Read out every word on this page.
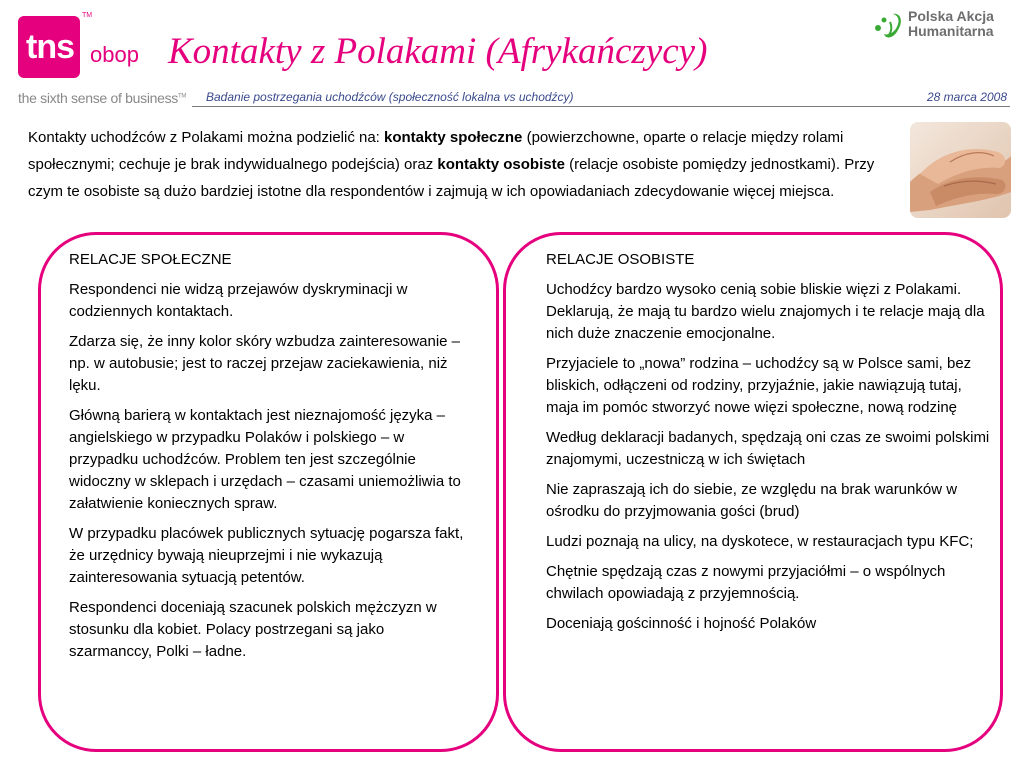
tns
TM
obop
the sixth sense of business™
Kontakty z Polakami (Afrykańczycy)
Polska Akcja
Humanitarna
Badanie postrzegania uchodźców (społeczność lokalna vs uchodźcy)	28 marca 2008
Kontakty uchodźców z Polakami można podzielić na: kontakty społeczne (powierzchowne, oparte o relacje między rolami społecznymi; cechuje je brak indywidualnego podejścia) oraz kontakty osobiste (relacje osobiste pomiędzy jednostkami). Przy czym te osobiste są dużo bardziej istotne dla respondentów i zajmują w ich opowiadaniach zdecydowanie więcej miejsca.
RELACJE SPOŁECZNE

Respondenci nie widzą przejawów dyskryminacji w codziennych kontaktach.

Zdarza się, że inny kolor skóry wzbudza zainteresowanie – np. w autobusie; jest to raczej przejaw zaciekawienia, niż lęku.

Główną barierą w kontaktach jest nieznajomość języka – angielskiego w przypadku Polaków i polskiego – w przypadku uchodźców. Problem ten jest szczególnie widoczny w sklepach i urzędach – czasami uniemożliwia to załatwienie koniecznych spraw.

W przypadku placówek publicznych sytuację pogarsza fakt, że urzędnicy bywają nieuprzejmi i nie wykazują zainteresowania sytuacją petentów.

Respondenci doceniają szacunek polskich mężczyzn w stosunku dla kobiet. Polacy postrzegani są jako szarmanccy, Polki – ładne.

RELACJE OSOBISTE

Uchodźcy bardzo wysoko cenią sobie bliskie więzi z Polakami. Deklarują, że mają tu bardzo wielu znajomych i te relacje mają dla nich duże znaczenie emocjonalne.

Przyjaciele to „nowa” rodzina – uchodźcy są w Polsce sami, bez bliskich, odłączeni od rodziny, przyjaźnie, jakie nawiązują tutaj, maja im pomóc stworzyć nowe więzi społeczne, nową rodzinę

Według deklaracji badanych, spędzają oni czas ze swoimi polskimi znajomymi, uczestniczą w ich świętach

Nie zapraszają ich do siebie, ze względu na brak warunków w ośrodku do przyjmowania gości (brud)

Ludzi poznają na ulicy, na dyskotece, w restauracjach typu KFC;

Chętnie spędzają czas z nowymi przyjaciółmi – o wspólnych chwilach opowiadają z przyjemnością.

Doceniają gościnność i hojność Polaków
